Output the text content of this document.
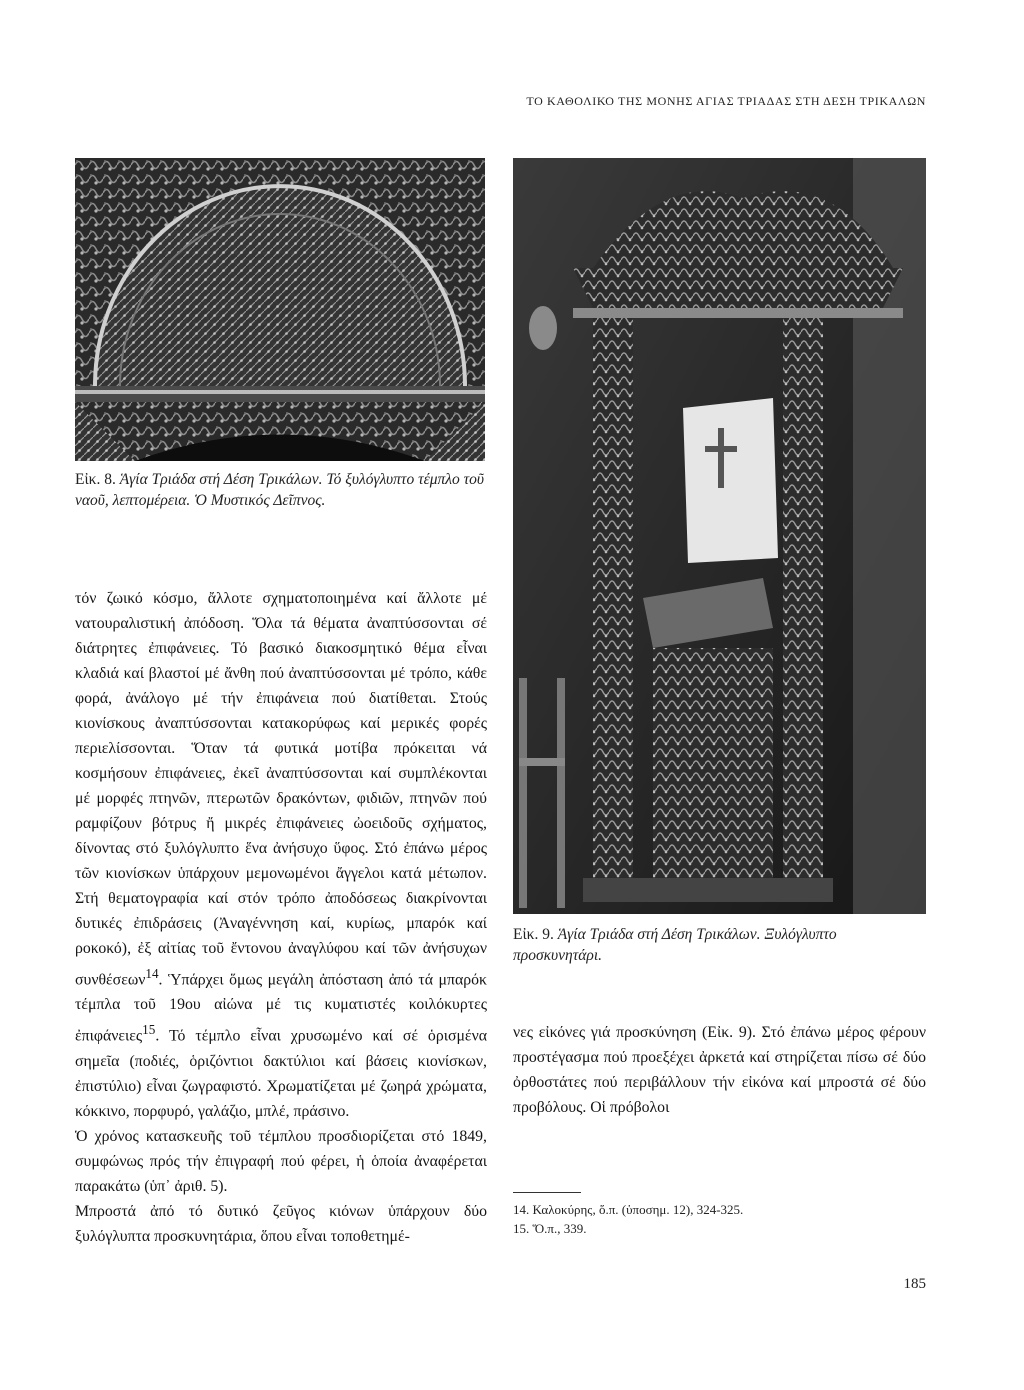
ΤΟ ΚΑΘΟΛΙΚΟ ΤΗΣ ΜΟΝΗΣ ΑΓΙΑΣ ΤΡΙΑΔΑΣ ΣΤΗ ΔΕΣΗ ΤΡΙΚΑΛΩΝ
Εἰκ. 8. Ἁγία Τριάδα στή Δέση Τρικάλων. Τό ξυλόγλυπτο τέμπλο τοῦ ναοῦ, λεπτομέρεια. Ὁ Μυστικός Δεῖπνος.
Εἰκ. 9. Ἁγία Τριάδα στή Δέση Τρικάλων. Ξυλόγλυπτο προσκυνητάρι.

τόν ζωικό κόσμο, ἄλλοτε σχηματοποιημένα καί ἄλλοτε μέ νατουραλιστική ἀπόδοση. Ὅλα τά θέματα ἀναπτύσσονται σέ διάτρητες ἐπιφάνειες. Τό βασικό διακοσμητικό θέμα εἶναι κλαδιά καί βλαστοί μέ ἄνθη πού ἀναπτύσσονται μέ τρόπο, κάθε φορά, ἀνάλογο μέ τήν ἐπιφάνεια πού διατίθεται. Στούς κιονίσκους ἀναπτύσσονται κατακορύφως καί μερικές φορές περιελίσσονται. Ὅταν τά φυτικά μοτίβα πρόκειται νά κοσμήσουν ἐπιφάνειες, ἐκεῖ ἀναπτύσσονται καί συμπλέκονται μέ μορφές πτηνῶν, πτερωτῶν δρακόντων, φιδιῶν, πτηνῶν πού ραμφίζουν βότρυς ἤ μικρές ἐπιφάνειες ὠοειδοῦς σχήματος, δίνοντας στό ξυλόγλυπτο ἕνα ἀνήσυχο ὕφος. Στό ἐπάνω μέρος τῶν κιονίσκων ὑπάρχουν μεμονωμένοι ἄγγελοι κατά μέτωπον. Στή θεματογραφία καί στόν τρόπο ἀποδόσεως διακρίνονται δυτικές ἐπιδράσεις (Ἀναγέννηση καί, κυρίως, μπαρόκ καί ροκοκό), ἐξ αἰτίας τοῦ ἔντονου ἀναγλύφου καί τῶν ἀνήσυχων συνθέσεων$^{14}$. Ὑπάρχει ὅμως μεγάλη ἀπόσταση ἀπό τά μπαρόκ τέμπλα τοῦ 19ου αἰώνα μέ τις κυματιστές κοιλόκυρτες ἐπιφάνειες$^{15}$. Τό τέμπλο εἶναι χρυσωμένο καί σέ ὁρισμένα σημεῖα (ποδιές, ὁριζόντιοι δακτύλιοι καί βάσεις κιονίσκων, ἐπιστύλιο) εἶναι ζωγραφιστό. Χρωματίζεται μέ ζωηρά χρώματα, κόκκινο, πορφυρό, γαλάζιο, μπλέ, πράσινο.

Ὁ χρόνος κατασκευῆς τοῦ τέμπλου προσδιορίζεται στό 1849, συμφώνως πρός τήν ἐπιγραφή πού φέρει, ἡ ὁποία ἀναφέρεται παρακάτω (ὑπ᾽ ἀριθ. 5).

Μπροστά ἀπό τό δυτικό ζεῦγος κιόνων ὑπάρχουν δύο ξυλόγλυπτα προσκυνητάρια, ὅπου εἶναι τοποθετημέ-

νες εἰκόνες γιά προσκύνηση (Εἰκ. 9). Στό ἐπάνω μέρος φέρουν προστέγασμα πού προεξέχει ἀρκετά καί στηρίζεται πίσω σέ δύο ὀρθοστάτες πού περιβάλλουν τήν εἰκόνα καί μπροστά σέ δύο προβόλους. Οἱ πρόβολοι

14. Καλοκύρης, ὅ.π. (ὑποσημ. 12), 324-325.
15. Ὅ.π., 339.
185
